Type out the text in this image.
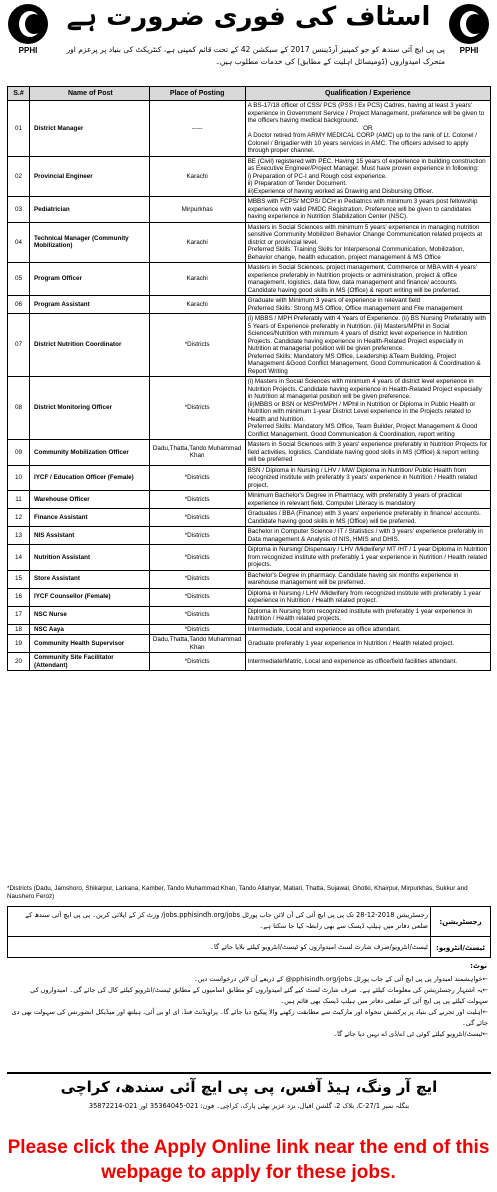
PPHI
اسٹاف کی فوری ضرورت ہے
پی پی ایچ آئی سندھ کو جو کمپنیز آرڈیننس 2017 کے سیکشن 42 کے تحت قائم کمپنی ہے، کنٹریکٹ کی بنیاد پر پرعزم اور متحرک امیدواروں (ڈومیسائل اہلیت کے مطابق) کی خدمات مطلوب ہیں۔
PPHI
S.#	Name of Post	Place of Posting	Qualification / Experience
01	District Manager	-----	A BS-17/18 officer of CSS/ PCS (PSS / Ex PCS) Cadres, having at least 3 years' experience in Government Service / Project Management, preference will be given to the officers having medical background.
OR
A Doctor retired from ARMY MEDICAL CORP (AMC) up to the rank of Lt. Colonel / Colonel / Brigadier with 10 years services in AMC. The officers advised to apply through proper channel.

02	Provincial Engineer	Karachi	BE (Civil) registered with PEC. Having 15 years of experience in building construction as Executive Engineer/Project Manager. Must have proven experience in following:
i) Preparation of PC-I and Rough cost experience.
ii) Preparation of Tender Document.
iii)Experience of having worked as Drawing and Disbursing Officer.

03	Pediatrician	Mirpurkhas	MBBS with FCPS/ MCPS/ DCH in Pediatrics with minimum 3 years post fellowship experience with valid PMDC Registration. Preference will be given to candidates having experience in Nutrition Stabilization Center (NSC).

04	Technical Manager (Community Mobilization)	Karachi	Masters in Social Sciences with minimum 5 years' experience in managing nutrition sensitive Community Mobilizer/ Behavior Change Communication related projects at district or provincial level.
Preferred Skills: Training Skills for Interpersonal Communication, Mobilization, Behavior change, health education, project management & MS Office

05	Program Officer	Karachi	Masters in Social Sciences, project management, Commerce or MBA with 4 years' experience preferably in Nutrition projects or administration, project & office management, logistics, data flow, data management and finance/ accounts. Candidate having good skills in MS (Office) & report writing will be preferred.

06	Program Assistant	Karachi	Graduate with Minimum 3 years of experience in relevant field
Preferred Skills: Strong MS Office, Office management and File management

07	District Nutrition Coordinator	*Districts	(i) MBBS / MPH Preferably with 4 Years of Experience. (ii) BS Nursing Preferably with 5 Years of Experience preferably in Nutrition. (iii) Masters/MPhil in Social Sciences/Nutrition with minimum 4 years of district level experience in Nutrition Projects. Candidate having experience in Health-Related Project especially in Nutrition at managerial position will be given preference.
Preferred Skills: Mandatory MS Office, Leadership &Team Building, Project Management &Good Conflict Management, Good Communication & Coordination & Report Writing

08	District Monitoring Officer	*Districts	(i) Masters in Social Sciences with minimum 4 years of district level experience in Nutrition Projects. Candidate having experience in Health-Related Project especially in Nutrition at managerial position will be given preference.
(ii)MBBS or BSN or MSPH/MPH / MPhil in Nutrition or Diploma in Public Health or Nutrition with minimum 1-year District Level experience in the Projects related to Health and Nutrition.
Preferred Skills: Mandatory MS Office, Team Builder, Project Management & Good Conflict Management, Good Communication & Coordination, report writing

09	Community Mobilization Officer	Dadu,Thatta,Tando Muhammad Khan	Masters in Social Sciences with 3 years' experience preferably in Nutrition Projects for field activities, logistics. Candidate having good skills in MS (Office) & report writing will be preferred

10	IYCF / Education Officer (Female)	*Districts	BSN / Diploma in Nursing / LHV / MW/ Diploma in Nutrition/ Public Health from recognized institute with preferably 3 years' experience in Nutrition / Health related project.

11	Warehouse Officer	*Districts	Minimum Bachelor's Degree in Pharmacy, with preferably 3 years of practical experience in relevant field. Computer Literacy is mandatory

12	Finance Assistant	*Districts	Graduates / BBA (Finance) with 3 years' experience preferably in finance/ accounts. Candidate having good skills in MS (Office) will be preferred.

13	NIS Assistant	*Districts	Bachelor in Computer Science / IT / Statistics / with 3 years' experience preferably in Data management & Analysis of NIS, HMIS and DHIS.

14	Nutrition Assistant	*Districts	Diploma in Nursing/ Dispensary / LHV /Midwifery/ MT /HT / 1 year Diploma in Nutrition from recognized institute with preferably 1 year experience in Nutrition / Health related projects.

15	Store Assistant	*Districts	Bachelor's Degree in pharmacy. Candidate having six months experience in warehouse management will be preferred.

16	IYCF Counsellor (Female)	*Districts	Diploma in Nursing / LHV /Midwifery from recognized institute with preferably 1 year experience in Nutrition / Health related project.

17	NSC Nurse	*Districts	Diploma in Nursing from recognized institute with preferably 1 year experience in Nutrition / Health related projects.

18	NSC Aaya	*Districts	Intermediate, Local and experience as office attendant.

19	Community Health Supervisor	Dadu,Thatta,Tando Muhammad Khan	Graduate preferably 1 year experience in Nutrition / Health related project.

20	Community Site Facilitator (Attendant)	*Districts	Intermediate/Matric, Local and experience as office/field facilities attendant.
*Districts (Dadu, Jamshoro, Shikarpur, Larkana, Kamber, Tando Muhammad Khan, Tando Allahyar, Matiari, Thatta, Sujawal, Ghotki, Khairpur, Mirpurkhas, Sukkur and Naushero Feroz)
رجسٹریشن:
رجسٹریشن 2018-12-28 تک پی پی ایچ آئی کی آن لائن جاب پورٹل jobs.pphisindh.org/jobs/ وزٹ کر کے اپلائی کریں۔ پی پی ایچ آئی سندھ کے ضلعی دفاتر میں ہیلپ ڈیسک سے بھی رابطہ کیا جا سکتا ہے۔
ٹیسٹ/انٹرویو:
ٹیسٹ/انٹرویو/صرف شارٹ لسٹ امیدواروں کو ٹیسٹ/انٹرویو کیلئے بلایا جائے گا۔
نوٹ:
← خواہشمند امیدوار پی پی ایچ آئی کے جاب پورٹل pphisindh.org/jobs@ کے ذریعے آن لائن درخواست دیں۔
← یہ اشتہار رجسٹریشن کی معلومات کیلئے ہے۔ صرف شارٹ لسٹ کیے گئے امیدواروں کو مطابق اسامیوں کے مطابق ٹیسٹ/انٹرویو کیلئے کال کی جائے گی۔ امیدواروں کی سہولت کیلئے پی پی ایچ آئی کے ضلعی دفاتر میں ہیلپ ڈیسک بھی قائم ہیں۔
← اہلیت اور تجربے کی بنیاد پر پرکشش تنخواہ اور مارکیٹ سے مطابقت رکھنے والا پیکیج دیا جائے گا۔ پراویڈنٹ فنڈ، ای او بی آئی، ہیلتھ اور میڈیکل انشورنس کی سہولت بھی دی جائے گی۔
← ٹیسٹ/انٹرویو کیلئے کوئی ٹی اے/ڈی اے نہیں دیا جائے گا۔
ایچ آر ونگ، ہیڈ آفس، پی پی ایچ آئی سندھ، کراچی
بنگلہ نمبر C-27/1، بلاک 2، گلشن اقبال، نزد عزیز بھٹی پارک، کراچی۔ فون: 021-35364045 اور 021-35872214
Please click the Apply Online link near the end of this webpage to apply for these jobs.
